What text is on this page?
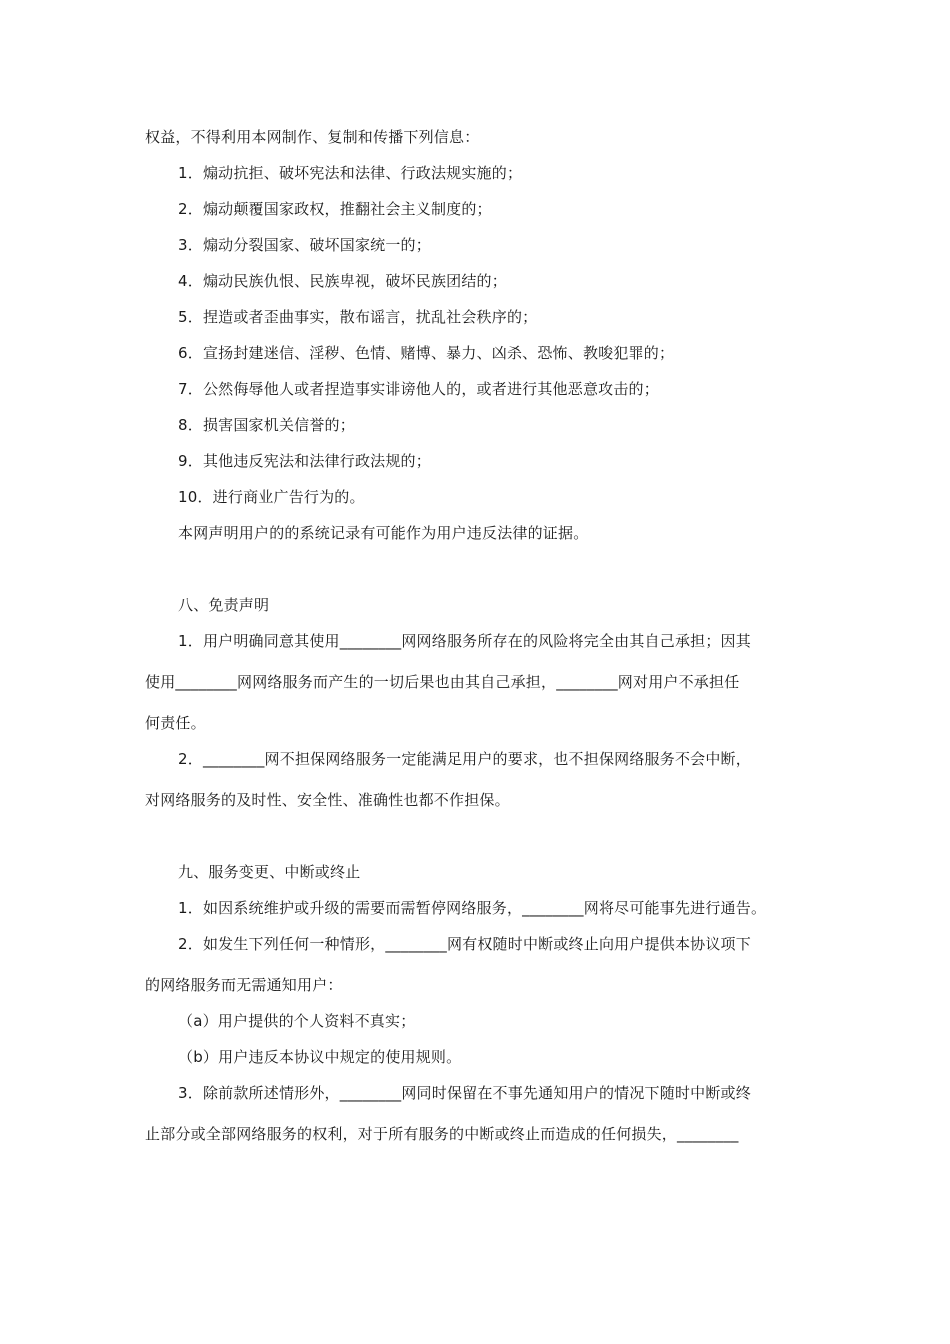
权益，不得利用本网制作、复制和传播下列信息：
1．煽动抗拒、破坏宪法和法律、行政法规实施的；
2．煽动颠覆国家政权，推翻社会主义制度的；
3．煽动分裂国家、破坏国家统一的；
4．煽动民族仇恨、民族卑视，破坏民族团结的；
5．捏造或者歪曲事实，散布谣言，扰乱社会秩序的；
6．宣扬封建迷信、淫秽、色情、赌博、暴力、凶杀、恐怖、教唆犯罪的；
7．公然侮辱他人或者捏造事实诽谤他人的，或者进行其他恶意攻击的；
8．损害国家机关信誉的；
9．其他违反宪法和法律行政法规的；
10．进行商业广告行为的。
本网声明用户的的系统记录有可能作为用户违反法律的证据。
八、免责声明
1．用户明确同意其使用________网网络服务所存在的风险将完全由其自己承担；因其
使用________网网络服务而产生的一切后果也由其自己承担，________网对用户不承担任
何责任。
2．________网不担保网络服务一定能满足用户的要求，也不担保网络服务不会中断，
对网络服务的及时性、安全性、准确性也都不作担保。
九、服务变更、中断或终止
1．如因系统维护或升级的需要而需暂停网络服务，________网将尽可能事先进行通告。
2．如发生下列任何一种情形，________网有权随时中断或终止向用户提供本协议项下
的网络服务而无需通知用户：
（a）用户提供的个人资料不真实；
（b）用户违反本协议中规定的使用规则。
3．除前款所述情形外，________网同时保留在不事先通知用户的情况下随时中断或终
止部分或全部网络服务的权利，对于所有服务的中断或终止而造成的任何损失，________
